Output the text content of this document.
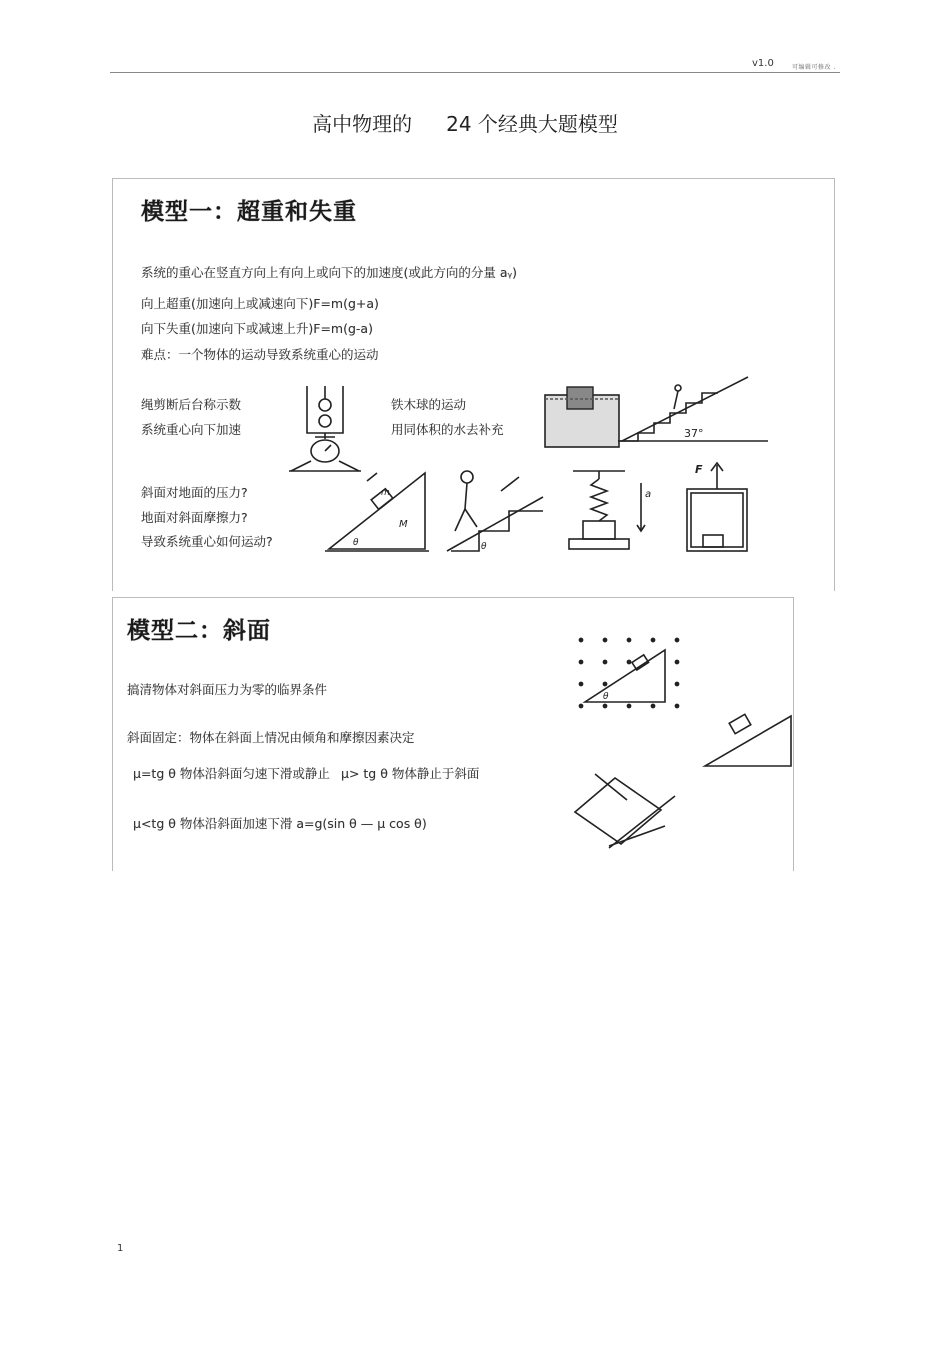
v1.0	可编辑可修改 .
高中物理的 24 个经典大题模型
模型一：超重和失重
系统的重心在竖直方向上有向上或向下的加速度(或此方向的分量 aᵧ)
向上超重(加速向上或减速向下)F=m(g+a)
向下失重(加速向下或减速上升)F=m(g-a)
难点：一个物体的运动导致系统重心的运动
绳剪断后台称示数
系统重心向下加速
铁木球的运动
用同体积的水去补充
斜面对地面的压力?
地面对斜面摩擦力?
导致系统重心如何运动?
37°
M
m
θ	θ
a
F
模型二：斜面
搞清物体对斜面压力为零的临界条件
斜面固定：物体在斜面上情况由倾角和摩擦因素决定
μ=tg θ 物体沿斜面匀速下滑或静止 μ> tg θ 物体静止于斜面
μ<tg θ 物体沿斜面加速下滑 a=g(sin θ — μ cos θ)
θ
1
